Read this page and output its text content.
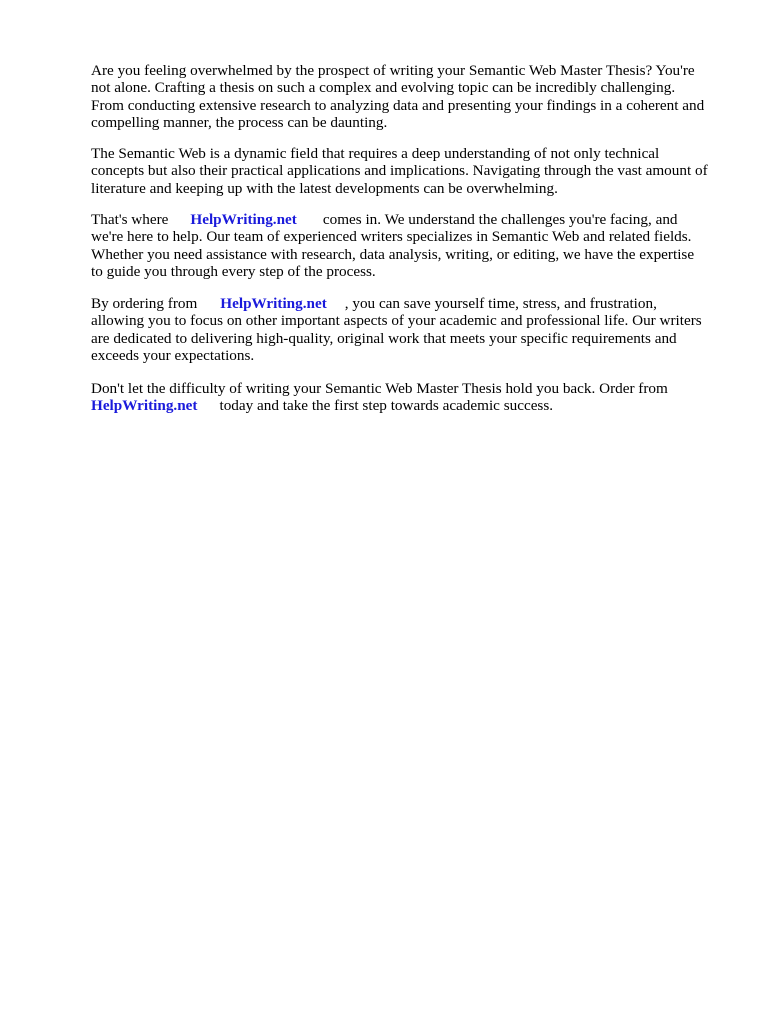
Are you feeling overwhelmed by the prospect of writing your Semantic Web Master Thesis? You're
not alone. Crafting a thesis on such a complex and evolving topic can be incredibly challenging.
From conducting extensive research to analyzing data and presenting your findings in a coherent and
compelling manner, the process can be daunting.

The Semantic Web is a dynamic field that requires a deep understanding of not only technical
concepts but also their practical applications and implications. Navigating through the vast amount of
literature and keeping up with the latest developments can be overwhelming.

That's where HelpWriting.net comes in. We understand the challenges you're facing, and
we're here to help. Our team of experienced writers specializes in Semantic Web and related fields.
Whether you need assistance with research, data analysis, writing, or editing, we have the expertise
to guide you through every step of the process.

By ordering from HelpWriting.net , you can save yourself time, stress, and frustration,
allowing you to focus on other important aspects of your academic and professional life. Our writers
are dedicated to delivering high-quality, original work that meets your specific requirements and
exceeds your expectations.

Don't let the difficulty of writing your Semantic Web Master Thesis hold you back. Order from
HelpWriting.net today and take the first step towards academic success.
